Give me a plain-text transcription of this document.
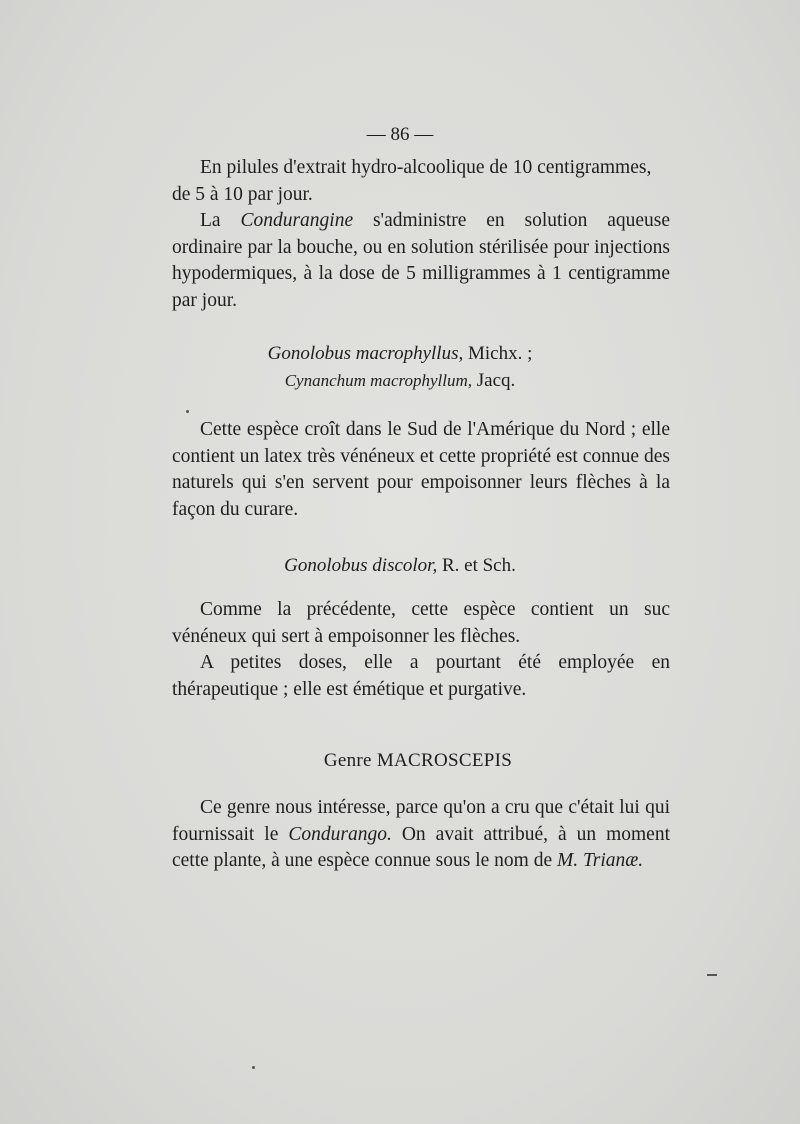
— 86 —

En pilules d'extrait hydro-alcoolique de 10 centigrammes,

de 5 à 10 par jour.

La Condurangine s'administre en solution aqueuse ordinaire par la bouche, ou en solution stérilisée pour injections hypodermiques, à la dose de 5 milligrammes à 1 centigramme par jour.
Gonolobus macrophyllus, Michx. ;
Cynanchum macrophyllum, Jacq.
Cette espèce croît dans le Sud de l'Amérique du Nord ; elle contient un latex très vénéneux et cette propriété est connue des naturels qui s'en servent pour empoisonner leurs flèches à la façon du curare.
Gonolobus discolor, R. et Sch.
Comme la précédente, cette espèce contient un suc vénéneux qui sert à empoisonner les flèches.
A petites doses, elle a pourtant été employée en thérapeutique ; elle est émétique et purgative.
Genre MACROSCEPIS
Ce genre nous intéresse, parce qu'on a cru que c'était lui qui fournissait le Condurango. On avait attribué, à un moment cette plante, à une espèce connue sous le nom de M. Trianæ.
